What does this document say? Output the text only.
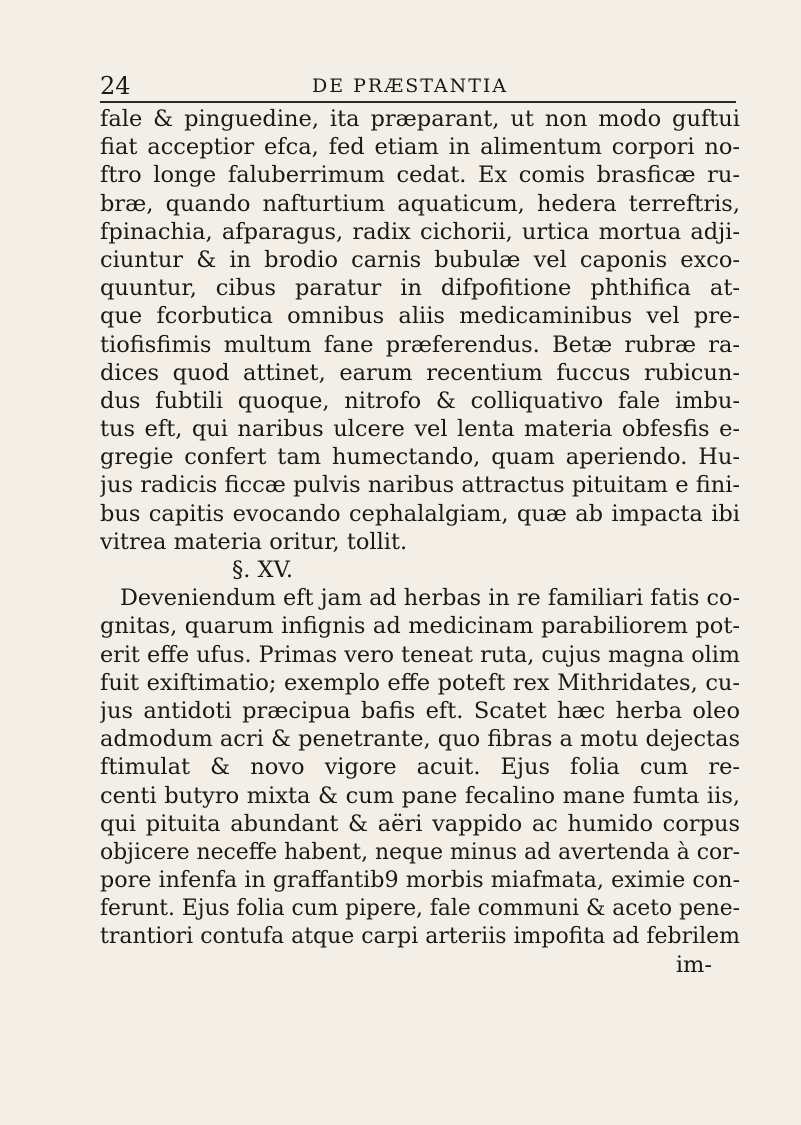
24	DE PRÆSTANTIA
fale & pinguedine, ita præparant, ut non modo guftui
fiat acceptior efca, fed etiam in alimentum corpori no-
ftro longe faluberrimum cedat. Ex comis brasficæ ru-
bræ, quando nafturtium aquaticum, hedera terreftris,
fpinachia, afparagus, radix cichorii, urtica mortua adji-
ciuntur & in brodio carnis bubulæ vel caponis exco-
quuntur, cibus paratur in difpofitione phthifica at-
que fcorbutica omnibus aliis medicaminibus vel pre-
tiofisfimis multum fane præferendus. Betæ rubræ ra-
dices quod attinet, earum recentium fuccus rubicun-
dus fubtili quoque, nitrofo & colliquativo fale imbu-
tus eft, qui naribus ulcere vel lenta materia obfesfis e-
gregie confert tam humectando, quam aperiendo. Hu-
jus radicis ficcæ pulvis naribus attractus pituitam e fini-
bus capitis evocando cephalalgiam, quæ ab impacta ibi
vitrea materia oritur, tollit.
§. XV.
Deveniendum eft jam ad herbas in re familiari fatis co-
gnitas, quarum infignis ad medicinam parabiliorem pot-
erit effe ufus. Primas vero teneat ruta, cujus magna olim
fuit exiftimatio; exemplo effe poteft rex Mithridates, cu-
jus antidoti præcipua bafis eft. Scatet hæc herba oleo
admodum acri & penetrante, quo fibras a motu dejectas
ftimulat & novo vigore acuit. Ejus folia cum re-
centi butyro mixta & cum pane fecalino mane fumta iis,
qui pituita abundant & aëri vappido ac humido corpus
objicere neceffe habent, neque minus ad avertenda à cor-
pore infenfa in graffantib9 morbis miafmata, eximie con-
ferunt. Ejus folia cum pipere, fale communi & aceto pene-
trantiori contufa atque carpi arteriis impofita ad febrilem
im-
